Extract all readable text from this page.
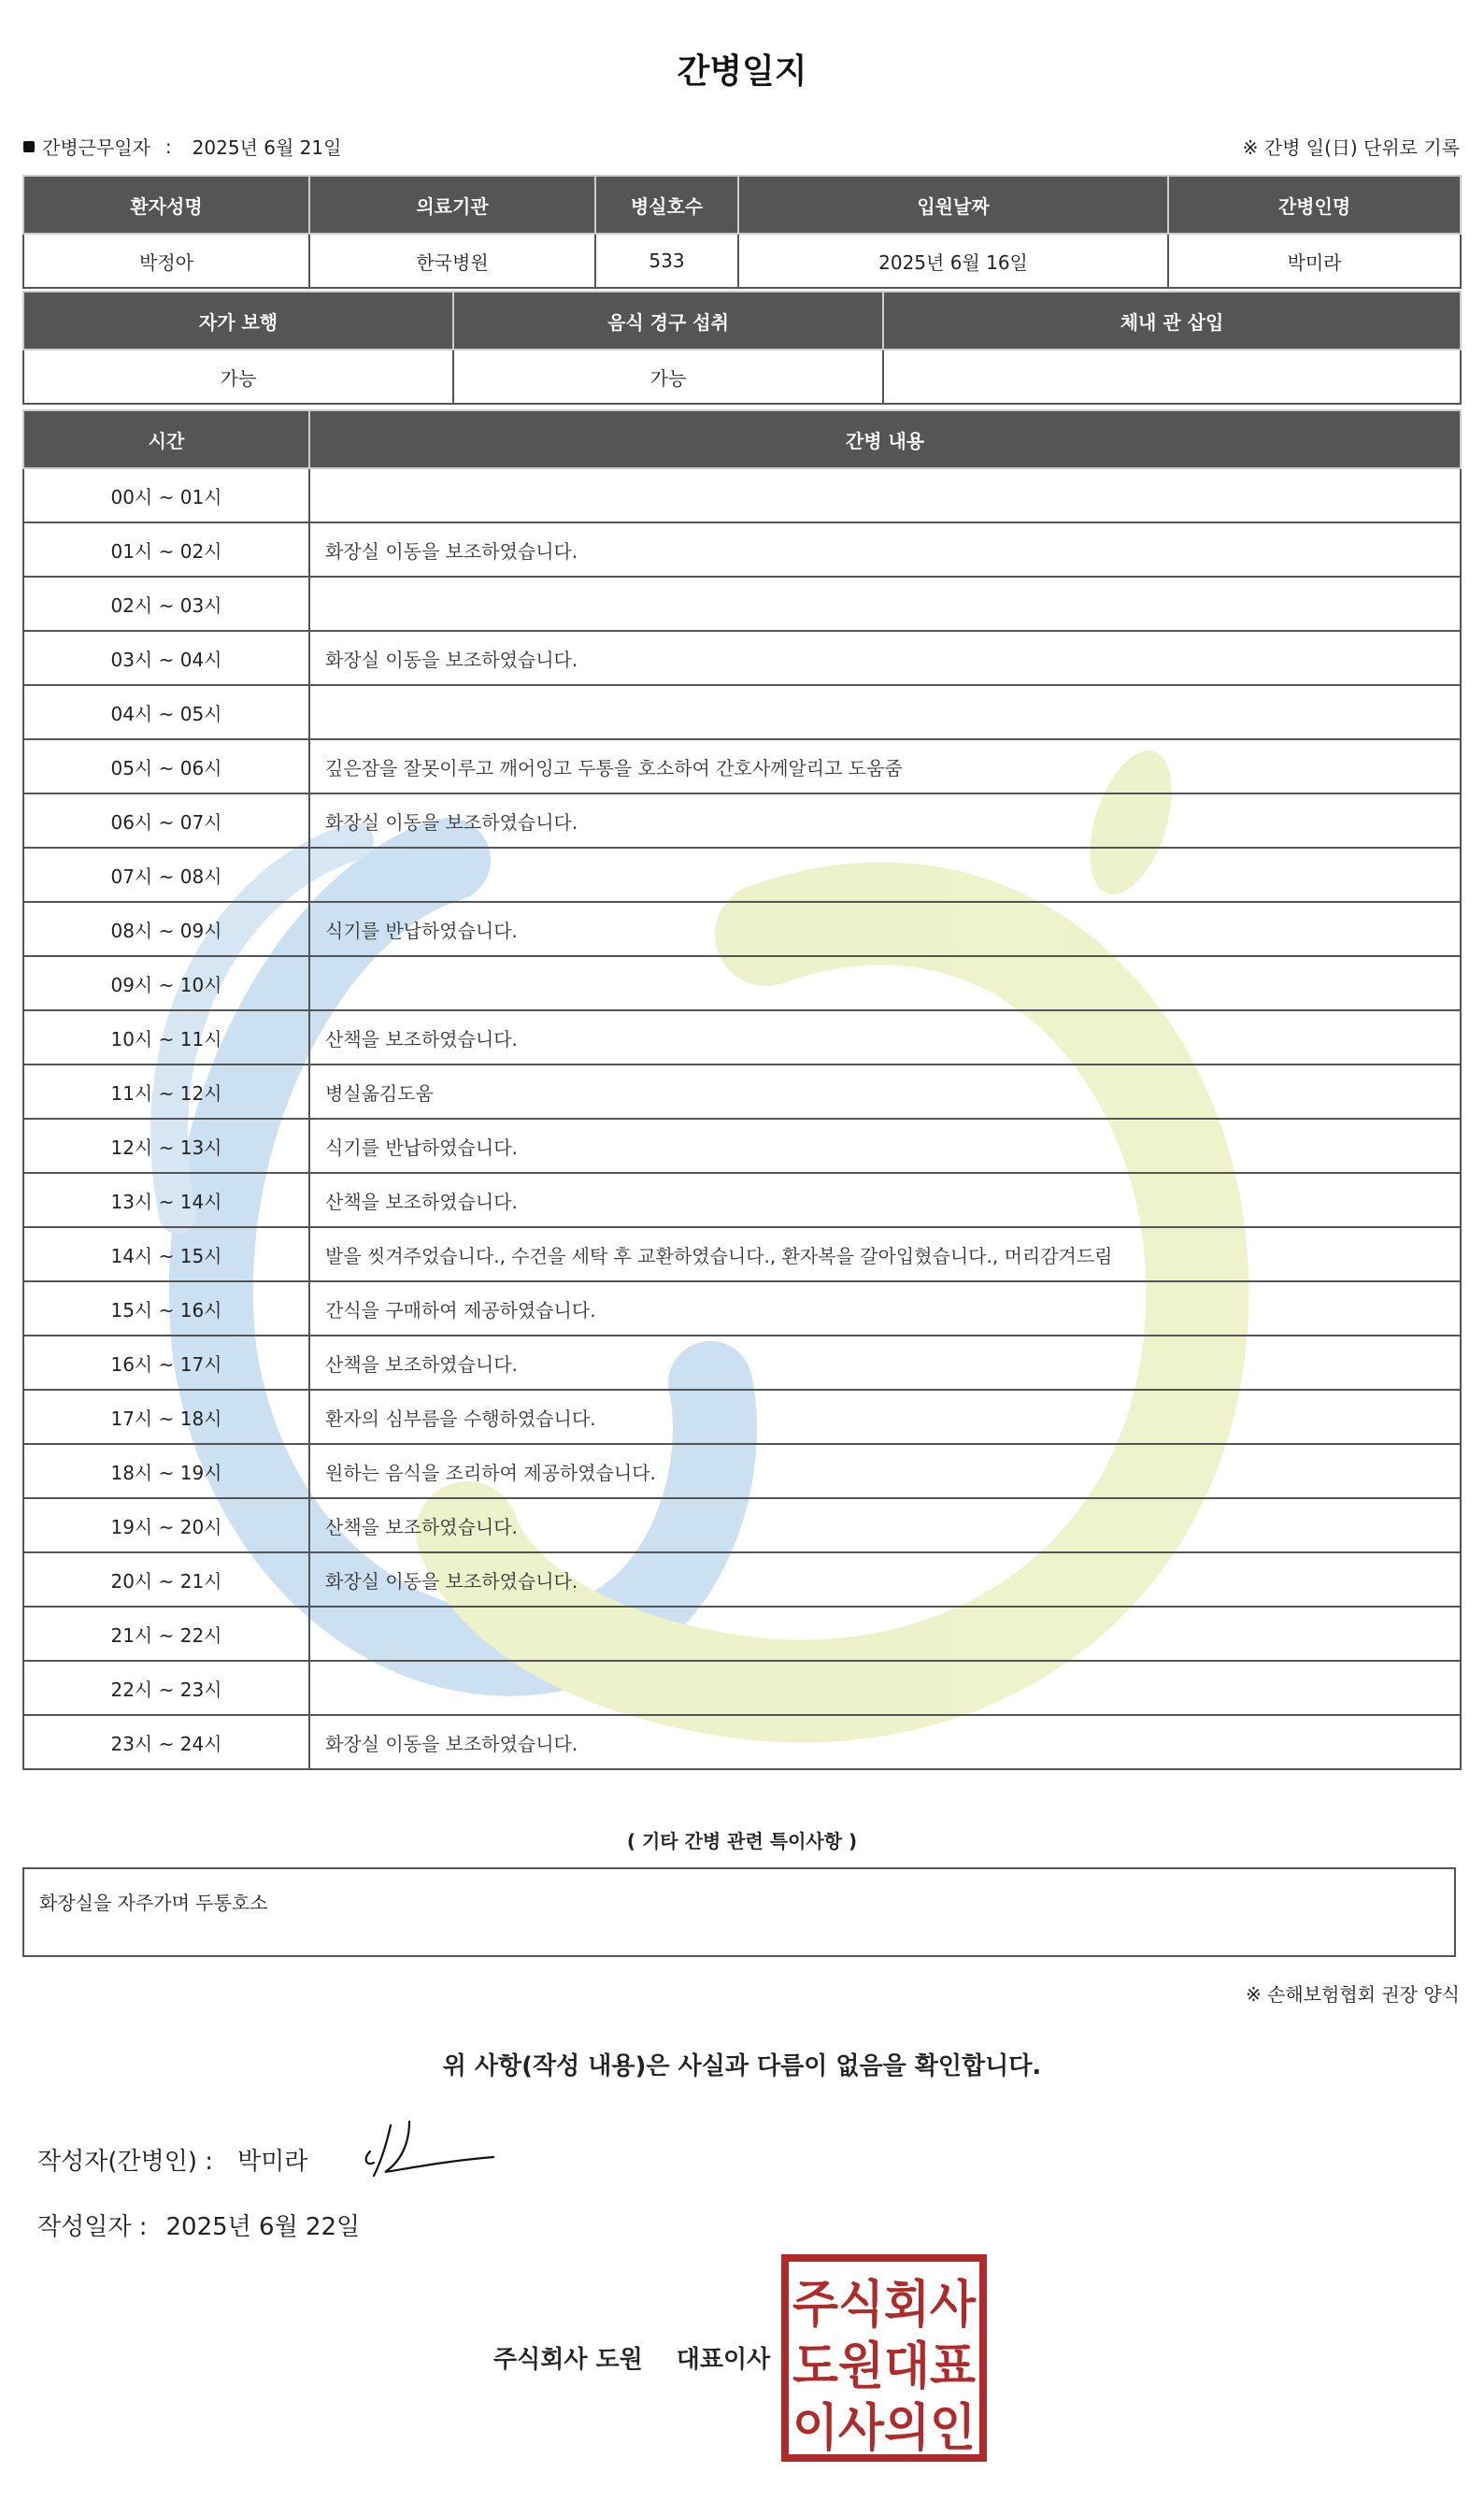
간병일지
간병근무일자 : 2025년 6월 21일	※ 간병 일(日) 단위로 기록
환자성명	의료기관	병실호수	입원날짜	간병인명
박정아	한국병원	533	2025년 6월 16일	박미라
자가 보행	음식 경구 섭취	체내 관 삽입
가능	가능	
시간	간병 내용
00시 ~ 01시	
01시 ~ 02시	화장실 이동을 보조하였습니다.
02시 ~ 03시	
03시 ~ 04시	화장실 이동을 보조하였습니다.
04시 ~ 05시	
05시 ~ 06시	깊은잠을 잘못이루고 깨어잉고 두통을 호소하여 간호사께알리고 도움줌
06시 ~ 07시	화장실 이동을 보조하였습니다.
07시 ~ 08시	
08시 ~ 09시	식기를 반납하였습니다.
09시 ~ 10시	
10시 ~ 11시	산책을 보조하였습니다.
11시 ~ 12시	병실옮김도움
12시 ~ 13시	식기를 반납하였습니다.
13시 ~ 14시	산책을 보조하였습니다.
14시 ~ 15시	발을 씻겨주었습니다., 수건을 세탁 후 교환하였습니다., 환자복을 갈아입혔습니다., 머리감겨드림
15시 ~ 16시	간식을 구매하여 제공하였습니다.
16시 ~ 17시	산책을 보조하였습니다.
17시 ~ 18시	환자의 심부름을 수행하였습니다.
18시 ~ 19시	원하는 음식을 조리하여 제공하였습니다.
19시 ~ 20시	산책을 보조하였습니다.
20시 ~ 21시	화장실 이동을 보조하였습니다.
21시 ~ 22시	
22시 ~ 23시	
23시 ~ 24시	화장실 이동을 보조하였습니다.
( 기타 간병 관련 특이사항 )
화장실을 자주가며 두통호소
※ 손해보험협회 권장 양식
위 사항(작성 내용)은 사실과 다름이 없음을 확인합니다.
작성자(간병인) : 박미라
작성일자 : 2025년 6월 22일
주식회사 도원 대표이사
주식회사
도원대표
이사의인
